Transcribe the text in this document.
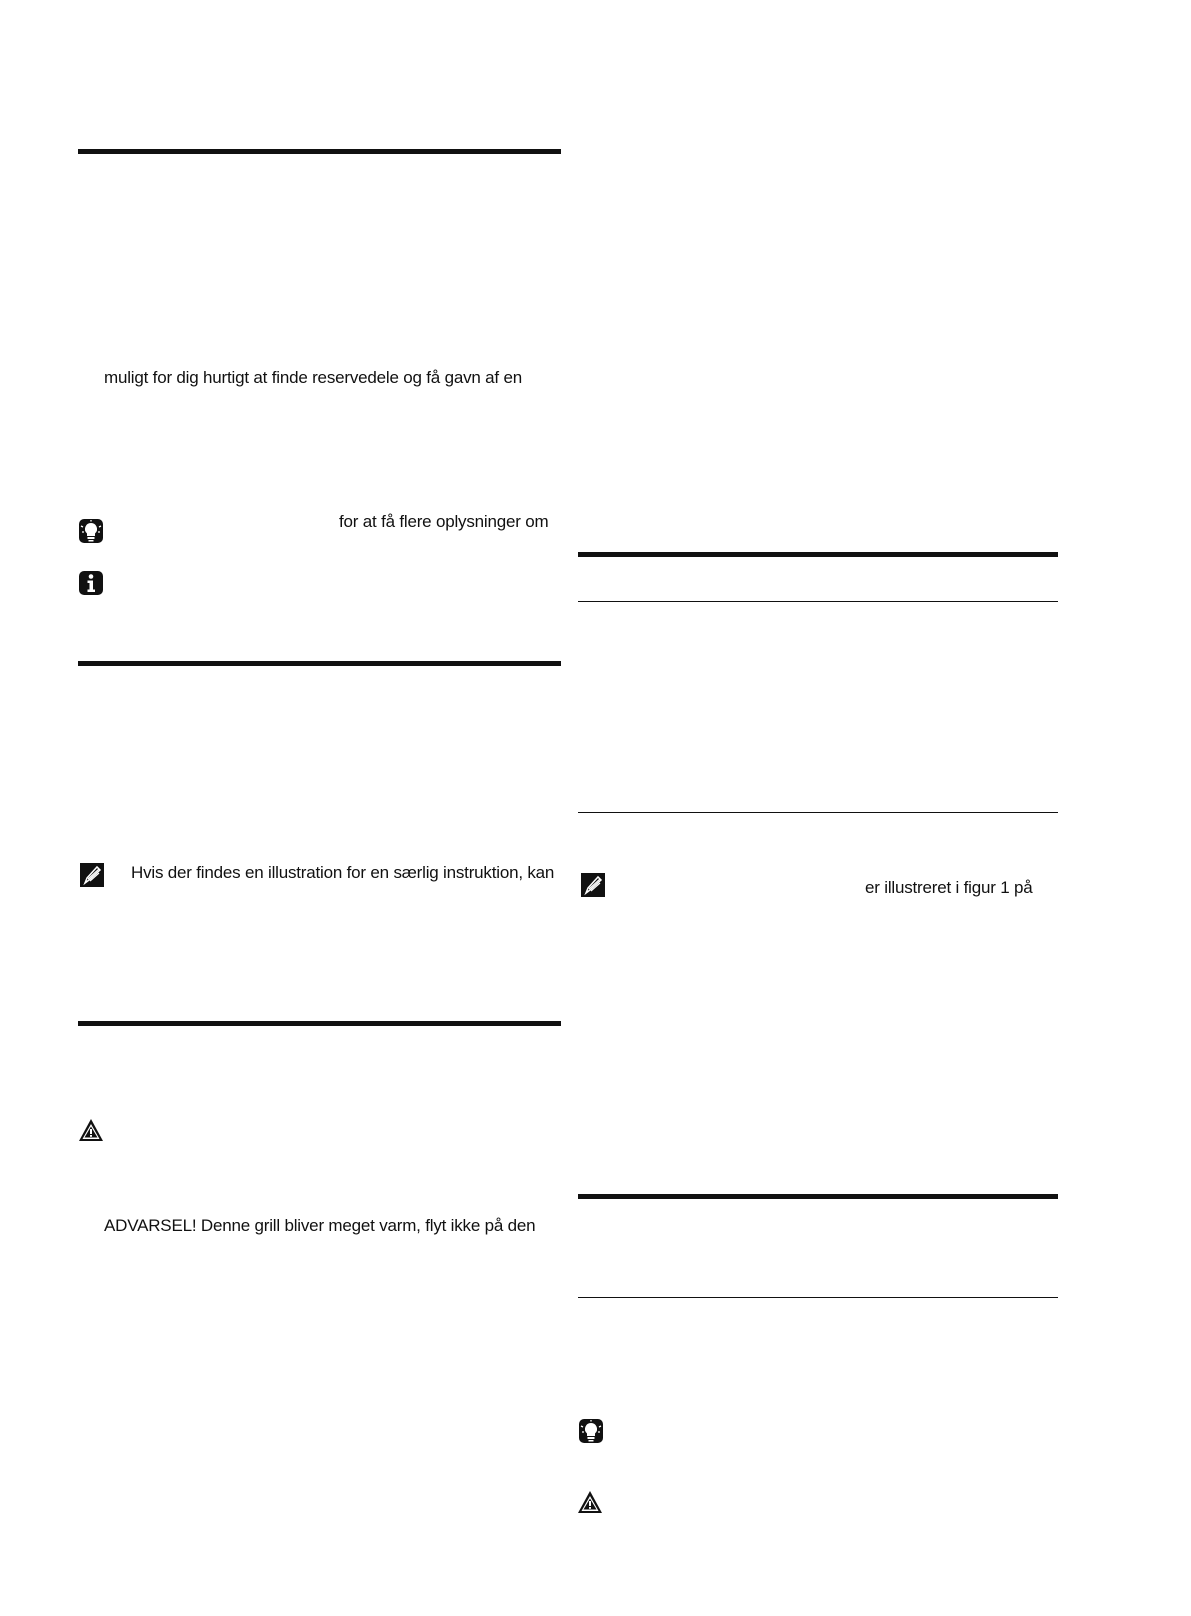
muligt for dig hurtigt at finde reservedele og få gavn af en
for at få flere oplysninger om
Hvis der findes en illustration for en særlig instruktion, kan
ADVARSEL! Denne grill bliver meget varm, flyt ikke på den
er illustreret i figur 1 på
